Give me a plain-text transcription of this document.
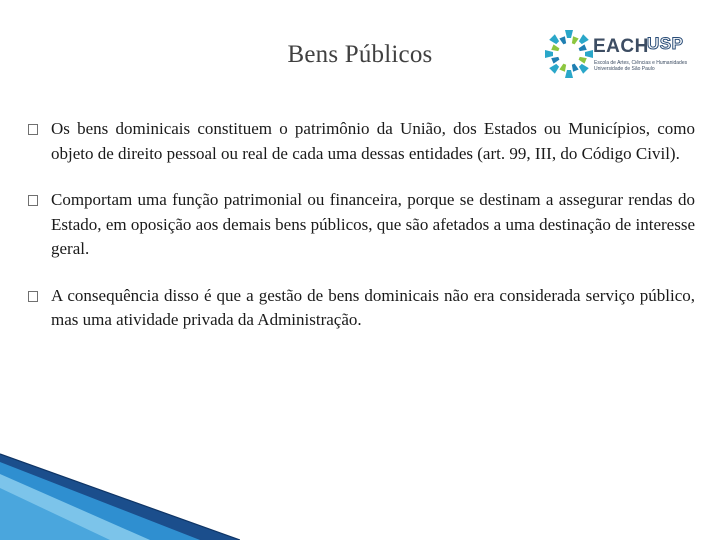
Bens Públicos	EACH
USP
Escola de Artes, Ciências e Humanidades
Universidade de São Paulo
Os bens dominicais constituem o patrimônio da União, dos Estados ou Municípios, como objeto de direito pessoal ou real de cada uma dessas entidades (art. 99, III, do Código Civil).
Comportam uma função patrimonial ou financeira, porque se destinam a assegurar rendas do Estado, em oposição aos demais bens públicos, que são afetados a uma destinação de interesse geral.
A consequência disso é que a gestão de bens dominicais não era considerada serviço público, mas uma atividade privada da Administração.
